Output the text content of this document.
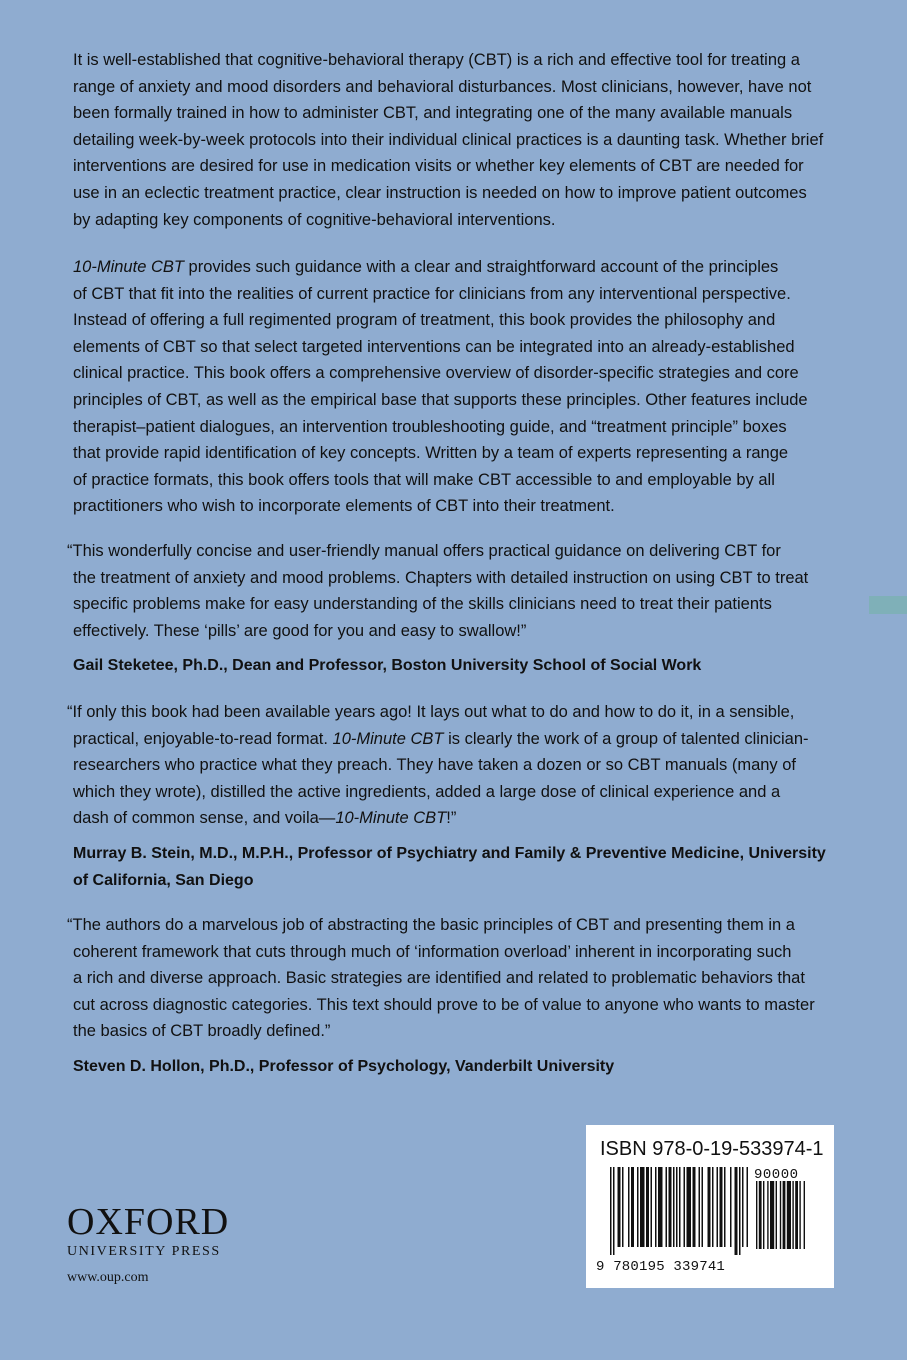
It is well-established that cognitive-behavioral therapy (CBT) is a rich and effective tool for treating a
range of anxiety and mood disorders and behavioral disturbances. Most clinicians, however, have not
been formally trained in how to administer CBT, and integrating one of the many available manuals
detailing week-by-week protocols into their individual clinical practices is a daunting task. Whether brief
interventions are desired for use in medication visits or whether key elements of CBT are needed for
use in an eclectic treatment practice, clear instruction is needed on how to improve patient outcomes
by adapting key components of cognitive-behavioral interventions.
10-Minute CBT provides such guidance with a clear and straightforward account of the principles
of CBT that fit into the realities of current practice for clinicians from any interventional perspective.
Instead of offering a full regimented program of treatment, this book provides the philosophy and
elements of CBT so that select targeted interventions can be integrated into an already-established
clinical practice. This book offers a comprehensive overview of disorder-specific strategies and core
principles of CBT, as well as the empirical base that supports these principles. Other features include
therapist–patient dialogues, an intervention troubleshooting guide, and “treatment principle” boxes
that provide rapid identification of key concepts. Written by a team of experts representing a range
of practice formats, this book offers tools that will make CBT accessible to and employable by all
practitioners who wish to incorporate elements of CBT into their treatment.
“This wonderfully concise and user-friendly manual offers practical guidance on delivering CBT for
the treatment of anxiety and mood problems. Chapters with detailed instruction on using CBT to treat
specific problems make for easy understanding of the skills clinicians need to treat their patients
effectively. These ‘pills’ are good for you and easy to swallow!”
Gail Steketee, Ph.D., Dean and Professor, Boston University School of Social Work
“If only this book had been available years ago! It lays out what to do and how to do it, in a sensible,
practical, enjoyable-to-read format. 10-Minute CBT is clearly the work of a group of talented clinician-
researchers who practice what they preach. They have taken a dozen or so CBT manuals (many of
which they wrote), distilled the active ingredients, added a large dose of clinical experience and a
dash of common sense, and voila—10-Minute CBT!”
Murray B. Stein, M.D., M.P.H., Professor of Psychiatry and Family & Preventive Medicine, University
of California, San Diego
“The authors do a marvelous job of abstracting the basic principles of CBT and presenting them in a
coherent framework that cuts through much of ‘information overload’ inherent in incorporating such
a rich and diverse approach. Basic strategies are identified and related to problematic behaviors that
cut across diagnostic categories. This text should prove to be of value to anyone who wants to master
the basics of CBT broadly defined.”
Steven D. Hollon, Ph.D., Professor of Psychology, Vanderbilt University
OXFORD
UNIVERSITY PRESS
www.oup.com
ISBN 978-0-19-533974-1
90000
9 780195 339741
